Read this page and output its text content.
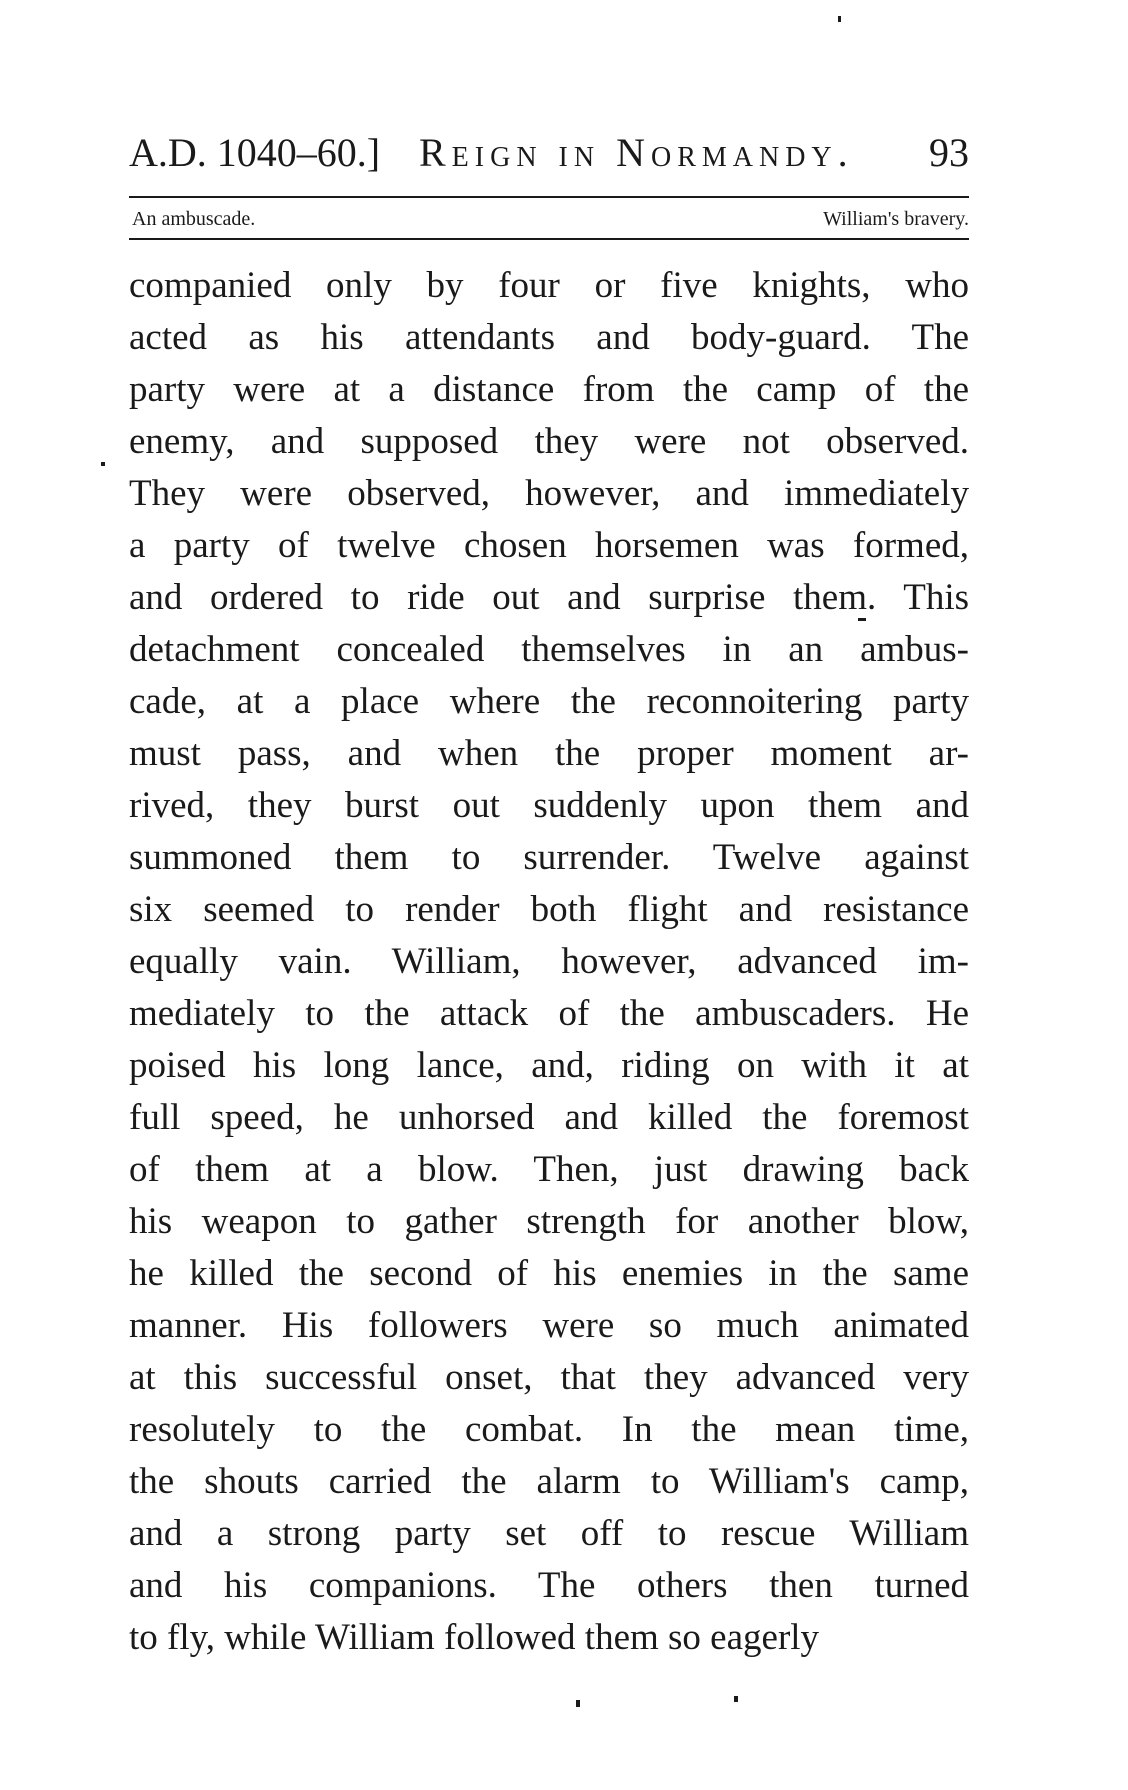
A.D. 1040–60.] Reign in Normandy. 93
An ambuscade.	William's bravery.
companied only by four or five knights, who
acted as his attendants and body-guard. The
party were at a distance from the camp of the
enemy, and supposed they were not observed.
They were observed, however, and immediately
a party of twelve chosen horsemen was formed,
and ordered to ride out and surprise them. This
detachment concealed themselves in an ambus-
cade, at a place where the reconnoitering party
must pass, and when the proper moment ar-
rived, they burst out suddenly upon them and
summoned them to surrender. Twelve against
six seemed to render both flight and resistance
equally vain. William, however, advanced im-
mediately to the attack of the ambuscaders. He
poised his long lance, and, riding on with it at
full speed, he unhorsed and killed the foremost
of them at a blow. Then, just drawing back
his weapon to gather strength for another blow,
he killed the second of his enemies in the same
manner. His followers were so much animated
at this successful onset, that they advanced very
resolutely to the combat. In the mean time,
the shouts carried the alarm to William's camp,
and a strong party set off to rescue William
and his companions. The others then turned
to fly, while William followed them so eagerly
